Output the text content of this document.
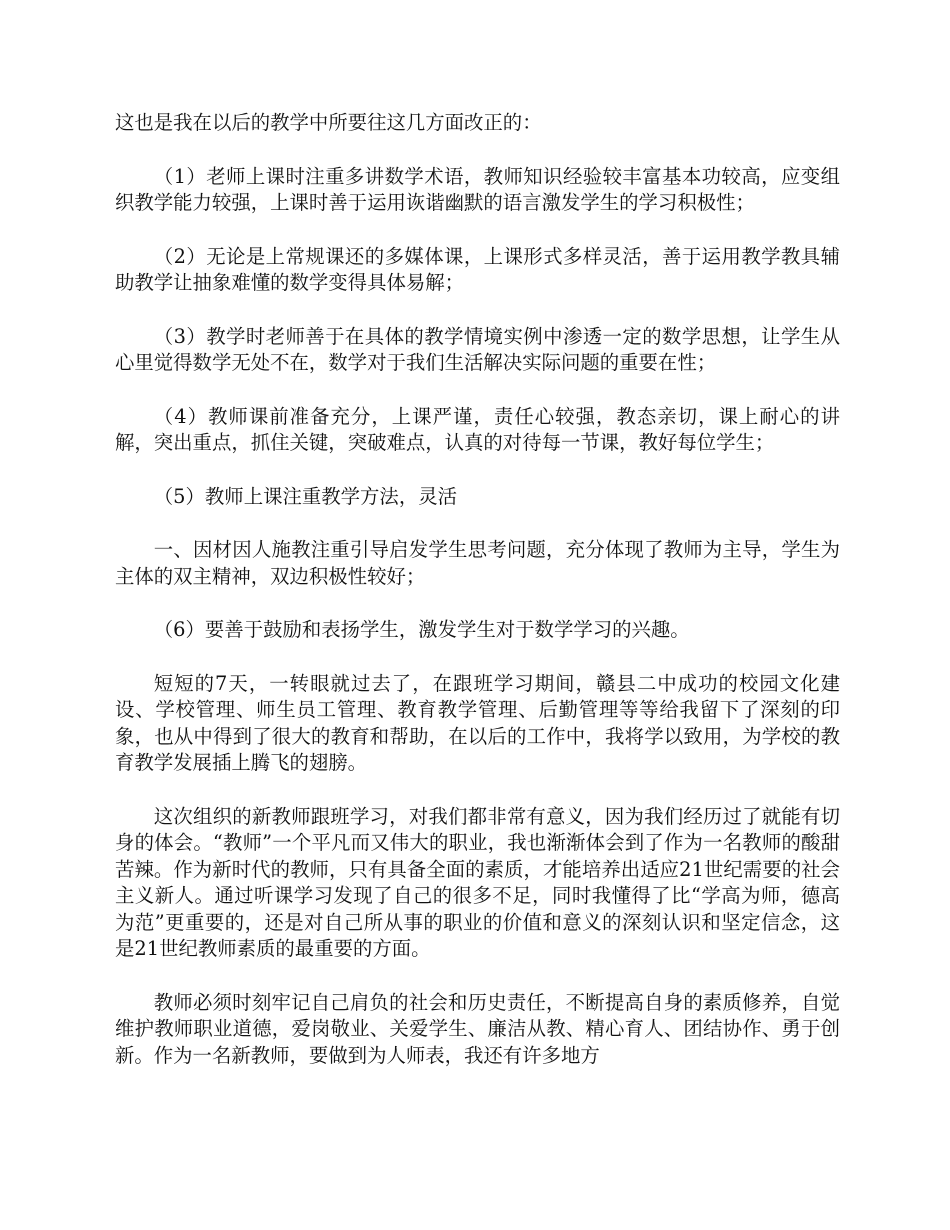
这也是我在以后的教学中所要往这几方面改正的：

（1）老师上课时注重多讲数学术语，教师知识经验较丰富基本功较高，应变组织教学能力较强，上课时善于运用诙谐幽默的语言激发学生的学习积极性；

（2）无论是上常规课还的多媒体课，上课形式多样灵活，善于运用教学教具辅助教学让抽象难懂的数学变得具体易解；

（3）教学时老师善于在具体的教学情境实例中渗透一定的数学思想，让学生从心里觉得数学无处不在，数学对于我们生活解决实际问题的重要在性；

（4）教师课前准备充分，上课严谨，责任心较强，教态亲切，课上耐心的讲解，突出重点，抓住关键，突破难点，认真的对待每一节课，教好每位学生；

（5）教师上课注重教学方法，灵活

一、因材因人施教注重引导启发学生思考问题，充分体现了教师为主导，学生为主体的双主精神，双边积极性较好；

（6）要善于鼓励和表扬学生，激发学生对于数学学习的兴趣。

短短的7天，一转眼就过去了，在跟班学习期间，赣县二中成功的校园文化建设、学校管理、师生员工管理、教育教学管理、后勤管理等等给我留下了深刻的印象，也从中得到了很大的教育和帮助，在以后的工作中，我将学以致用，为学校的教育教学发展插上腾飞的翅膀。

这次组织的新教师跟班学习，对我们都非常有意义，因为我们经历过了就能有切身的体会。“教师”一个平凡而又伟大的职业，我也渐渐体会到了作为一名教师的酸甜苦辣。作为新时代的教师，只有具备全面的素质，才能培养出适应21世纪需要的社会主义新人。通过听课学习发现了自己的很多不足，同时我懂得了比“学高为师，德高为范”更重要的，还是对自己所从事的职业的价值和意义的深刻认识和坚定信念，这是21世纪教师素质的最重要的方面。

教师必须时刻牢记自己肩负的社会和历史责任，不断提高自身的素质修养，自觉维护教师职业道德，爱岗敬业、关爱学生、廉洁从教、精心育人、团结协作、勇于创新。作为一名新教师，要做到为人师表，我还有许多地方
